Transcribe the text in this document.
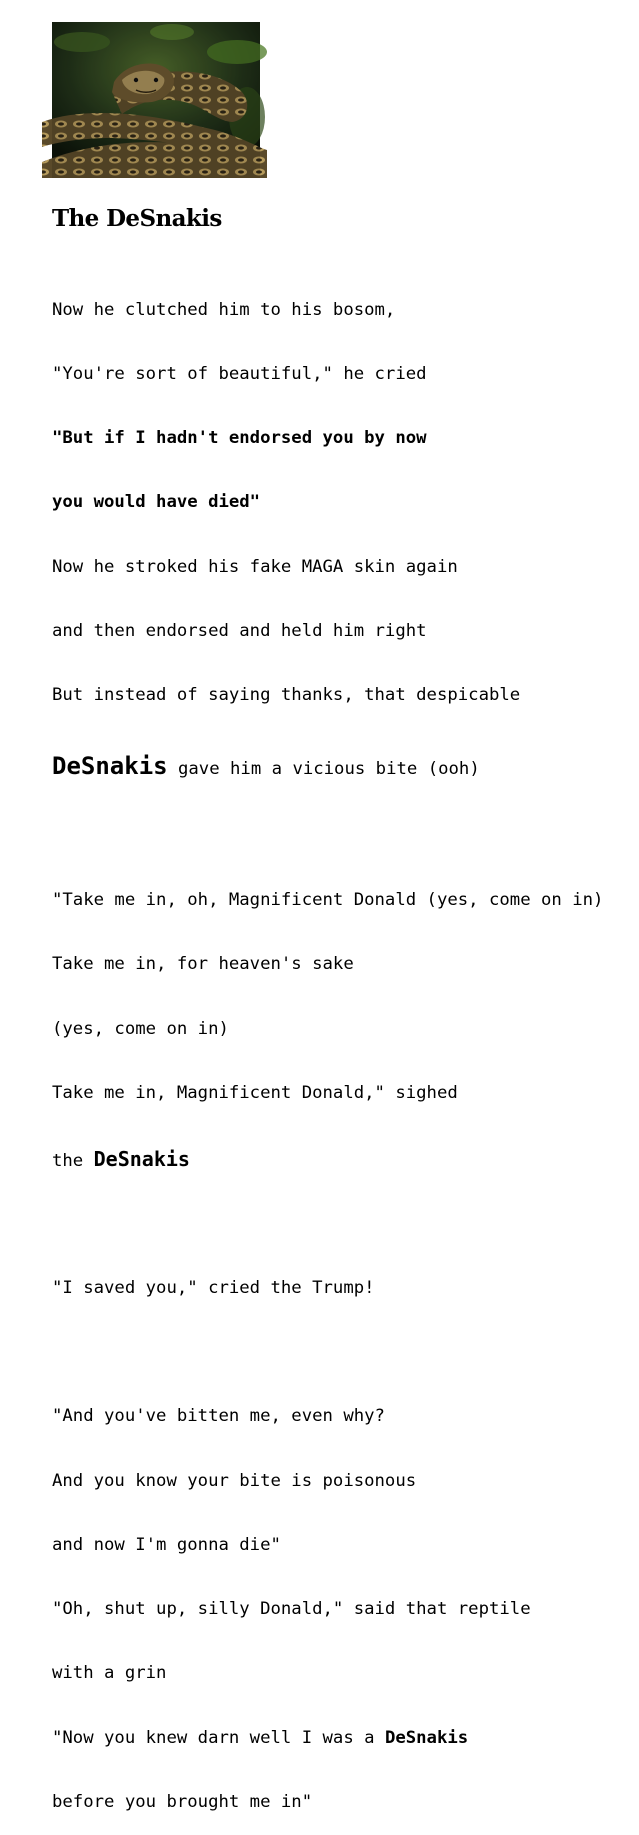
The DeSnakis

Now he clutched him to his bosom,

"You're sort of beautiful," he cried

"But if I hadn't endorsed you by now

you would have died"

Now he stroked his fake MAGA skin again

and then endorsed and held him right

But instead of saying thanks, that despicable

DeSnakis gave him a vicious bite (ooh)

"Take me in, oh, Magnificent Donald (yes, come on in)

Take me in, for heaven's sake

(yes, come on in)

Take me in, Magnificent Donald," sighed

the DeSnakis

"I saved you," cried the Trump!

"And you've bitten me, even why?

And you know your bite is poisonous

and now I'm gonna die"

"Oh, shut up, silly Donald," said that reptile

with a grin

"Now you knew darn well I was a DeSnakis

before you brought me in"
